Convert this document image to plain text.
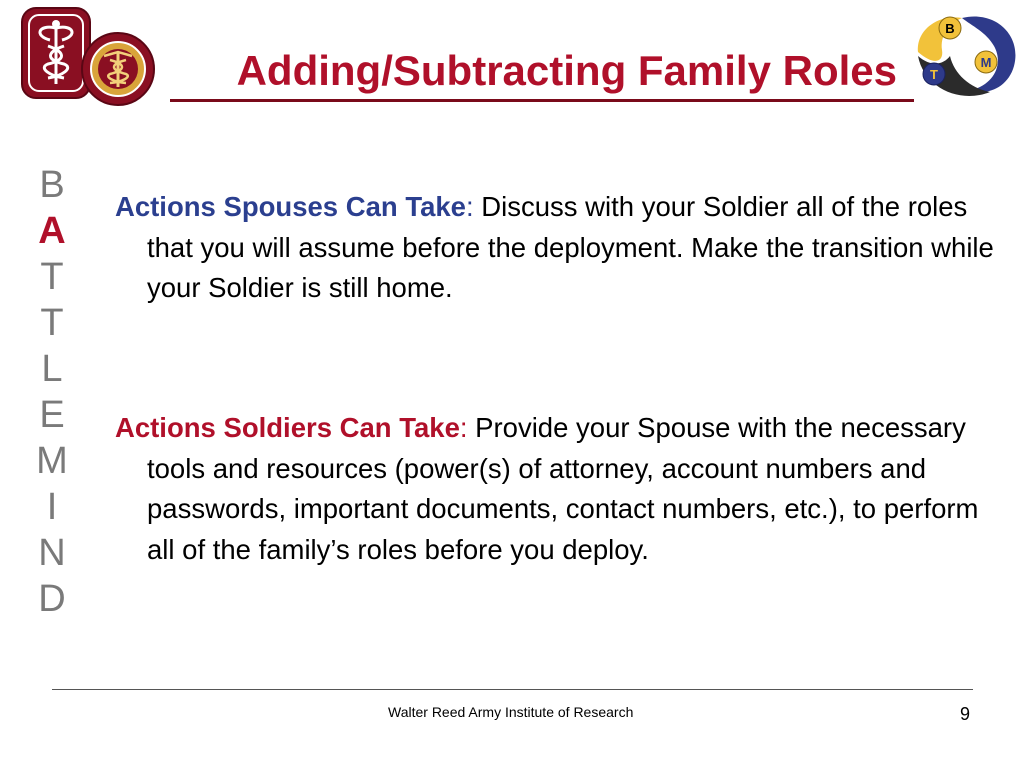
B
T
M
Adding/Subtracting Family Roles
B
A
T
T
L
E
M
I
N
D
Actions Spouses Can Take: Discuss with your Soldier all of the roles that you will assume before the deployment. Make the transition while your Soldier is still home.
Actions Soldiers Can Take: Provide your Spouse with the necessary tools and resources (power(s) of attorney, account numbers and passwords, important documents, contact numbers, etc.), to perform all of the family’s roles before you deploy.
Walter Reed Army Institute of Research	9
